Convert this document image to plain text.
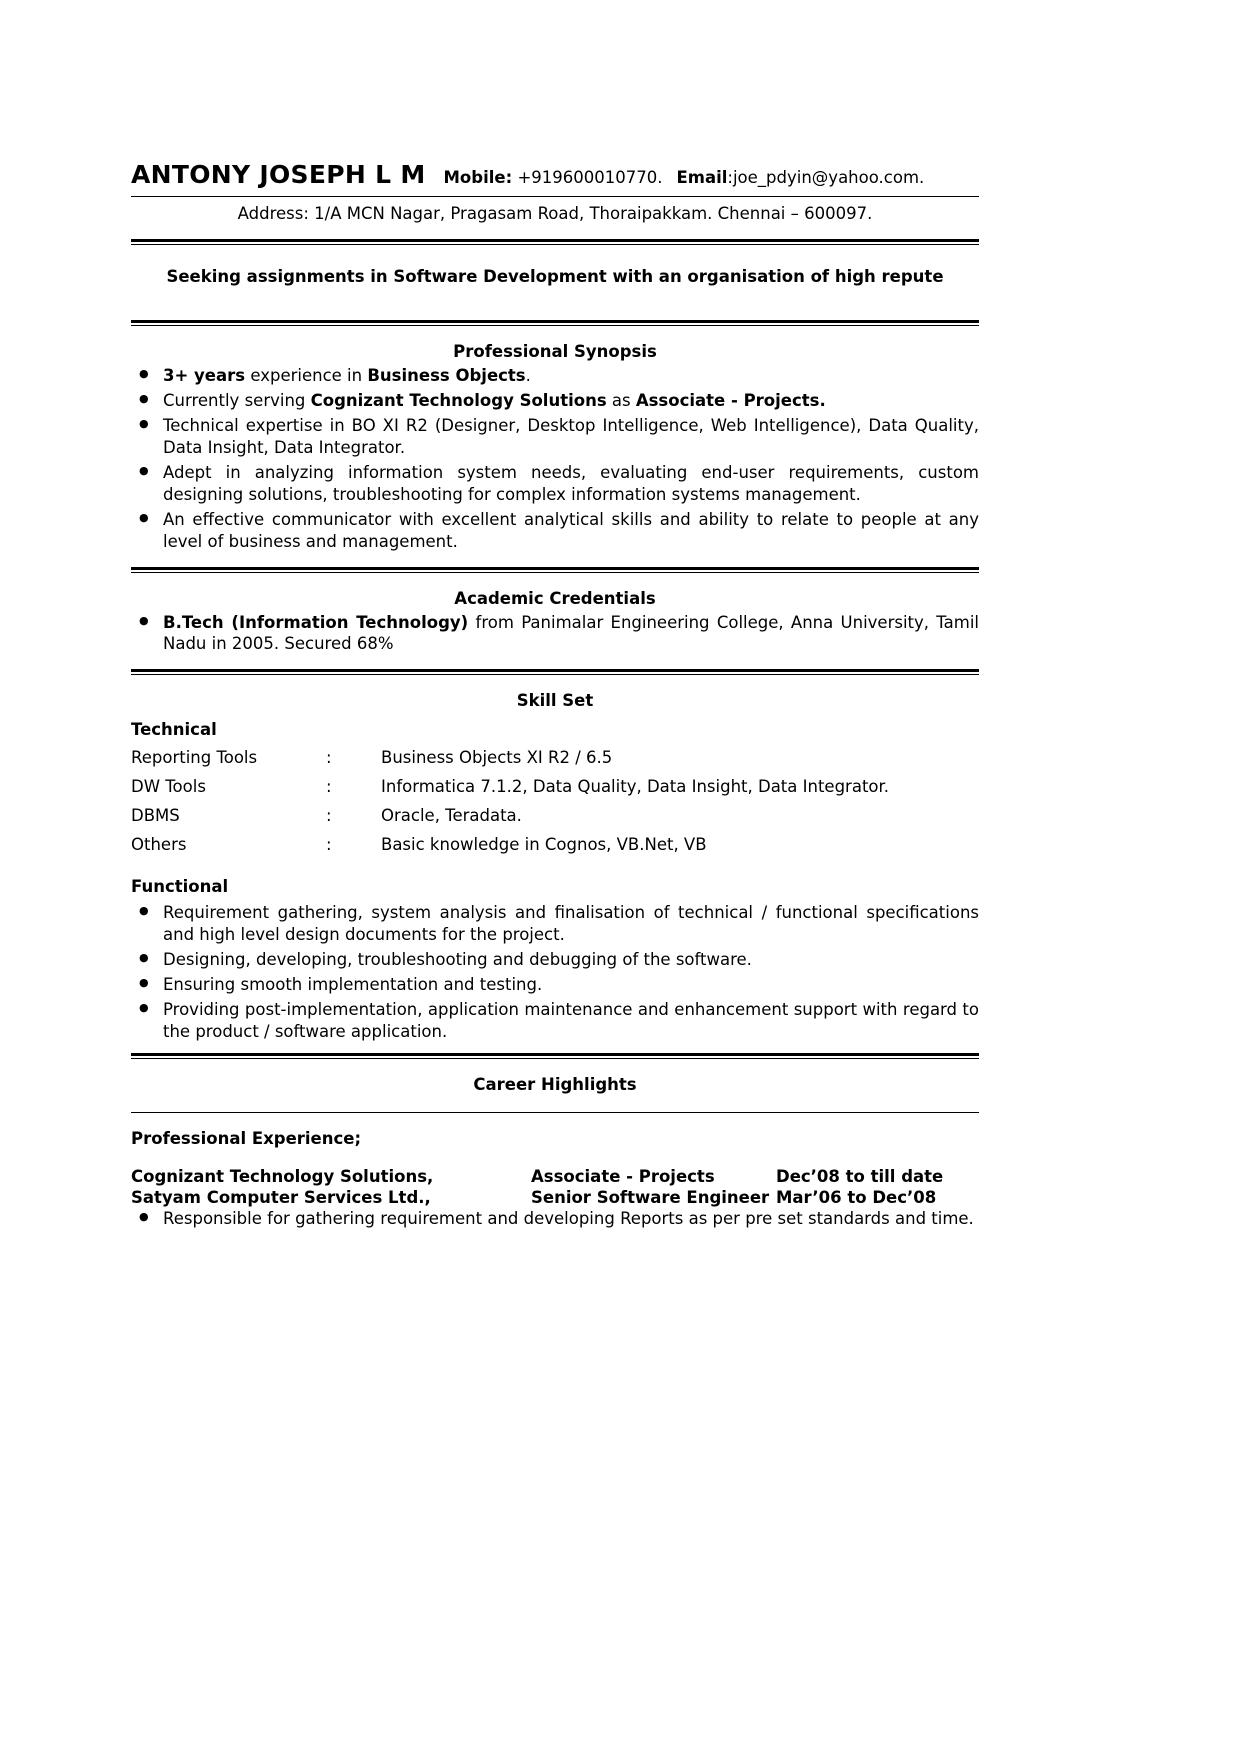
ANTONY JOSEPH L M Mobile: +919600010770. Email:joe_pdyin@yahoo.com.
Address: 1/A MCN Nagar, Pragasam Road, Thoraipakkam. Chennai – 600097.
Seeking assignments in Software Development with an organisation of high repute
Professional Synopsis
● 3+ years experience in Business Objects.
● Currently serving Cognizant Technology Solutions as Associate - Projects.
● Technical expertise in BO XI R2 (Designer, Desktop Intelligence, Web Intelligence), Data Quality, Data Insight, Data Integrator.
● Adept in analyzing information system needs, evaluating end-user requirements, custom designing solutions, troubleshooting for complex information systems management.
● An effective communicator with excellent analytical skills and ability to relate to people at any level of business and management.
Academic Credentials
● B.Tech (Information Technology) from Panimalar Engineering College, Anna University, Tamil Nadu in 2005. Secured 68%
Skill Set
Technical
Reporting Tools	:	Business Objects XI R2 / 6.5
DW Tools	:	Informatica 7.1.2, Data Quality, Data Insight, Data Integrator.
DBMS	:	Oracle, Teradata.
Others	:	Basic knowledge in Cognos, VB.Net, VB
Functional
● Requirement gathering, system analysis and finalisation of technical / functional specifications and high level design documents for the project.
● Designing, developing, troubleshooting and debugging of the software.
● Ensuring smooth implementation and testing.
● Providing post-implementation, application maintenance and enhancement support with regard to the product / software application.
Career Highlights
Professional Experience;
Cognizant Technology Solutions,	Associate - Projects	Dec’08 to till date
Satyam Computer Services Ltd.,	Senior Software Engineer	Mar’06 to Dec’08
● Responsible for gathering requirement and developing Reports as per pre set standards and time.
